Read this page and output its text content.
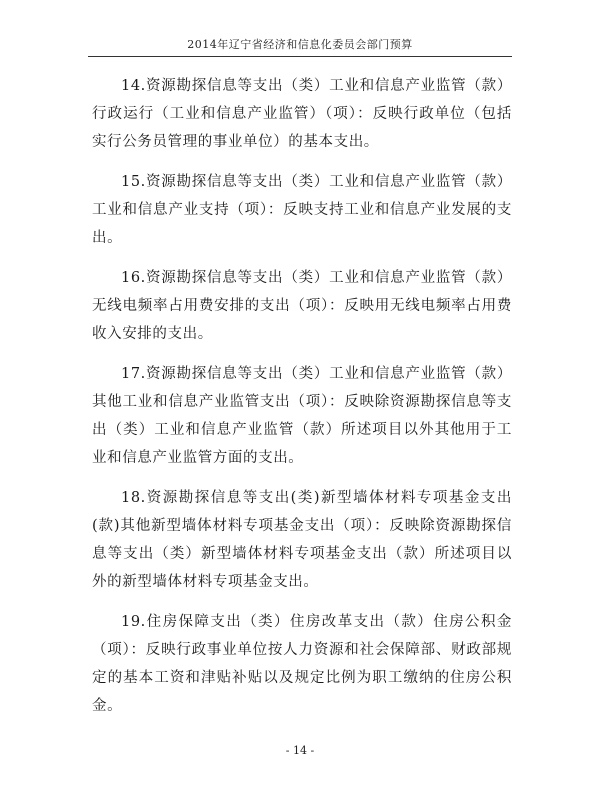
2014年辽宁省经济和信息化委员会部门预算

14.资源勘探信息等支出（类）工业和信息产业监管（款）行政运行（工业和信息产业监管）（项）：反映行政单位（包括实行公务员管理的事业单位）的基本支出。

15.资源勘探信息等支出（类）工业和信息产业监管（款）工业和信息产业支持（项）：反映支持工业和信息产业发展的支出。

16.资源勘探信息等支出（类）工业和信息产业监管（款）无线电频率占用费安排的支出（项）：反映用无线电频率占用费收入安排的支出。

17.资源勘探信息等支出（类）工业和信息产业监管（款）其他工业和信息产业监管支出（项）：反映除资源勘探信息等支出（类）工业和信息产业监管（款）所述项目以外其他用于工业和信息产业监管方面的支出。

18.资源勘探信息等支出(类)新型墙体材料专项基金支出(款)其他新型墙体材料专项基金支出（项）：反映除资源勘探信息等支出（类）新型墙体材料专项基金支出（款）所述项目以外的新型墙体材料专项基金支出。

19.住房保障支出（类）住房改革支出（款）住房公积金（项）：反映行政事业单位按人力资源和社会保障部、财政部规定的基本工资和津贴补贴以及规定比例为职工缴纳的住房公积金。

- 14 -
